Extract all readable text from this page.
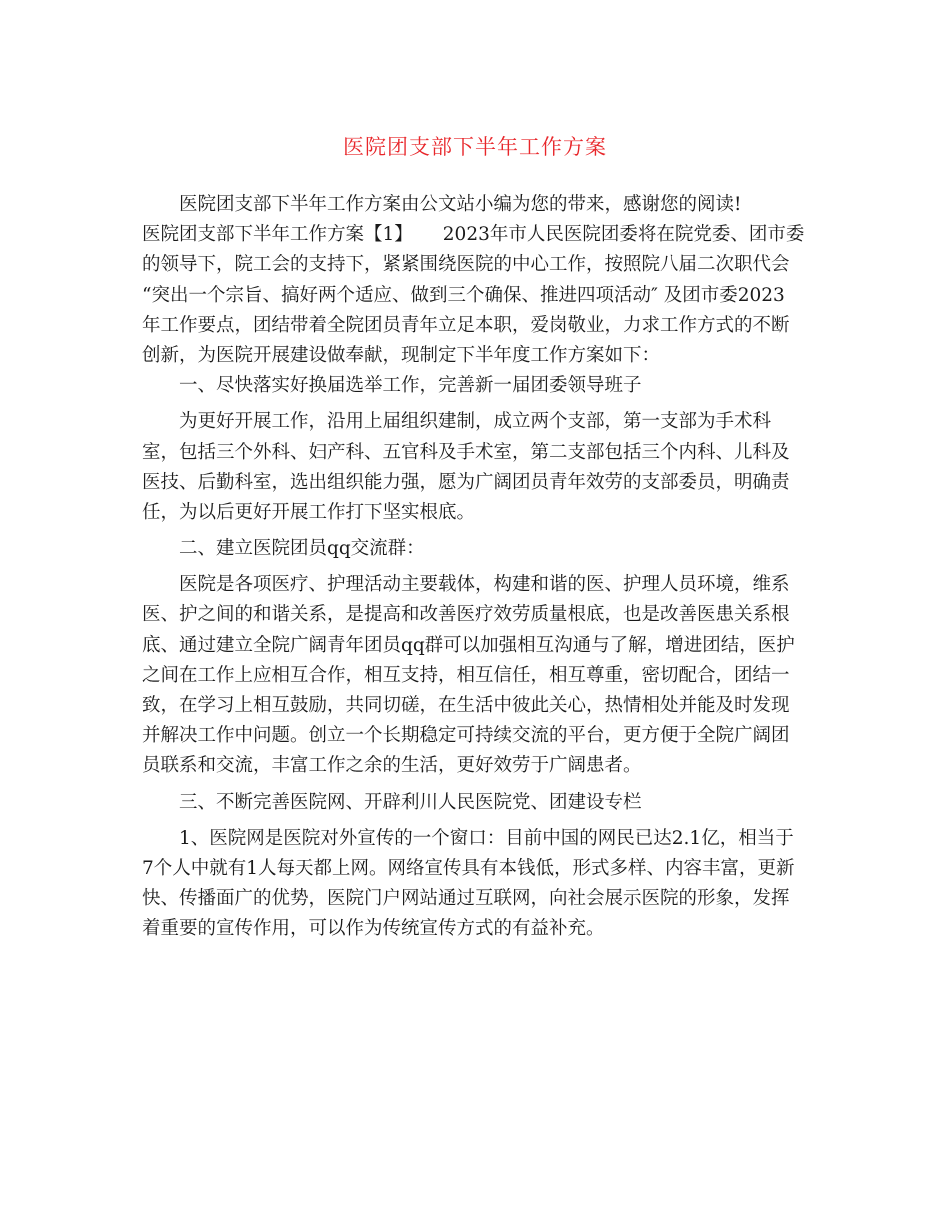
医院团支部下半年工作方案
医院团支部下半年工作方案由公文站小编为您的带来，感谢您的阅读!
医院团支部下半年工作方案【1】 2023年市人民医院团委将在院党委、团市委
的领导下，院工会的支持下，紧紧围绕医院的中心工作，按照院八届二次职代会
“突出一个宗旨、搞好两个适应、做到三个确保、推进四项活动″ 及团市委2023
年工作要点，团结带着全院团员青年立足本职，爱岗敬业，力求工作方式的不断
创新，为医院开展建设做奉献，现制定下半年度工作方案如下：
一、尽快落实好换届选举工作，完善新一届团委领导班子
为更好开展工作，沿用上届组织建制，成立两个支部，第一支部为手术科
室，包括三个外科、妇产科、五官科及手术室，第二支部包括三个内科、儿科及
医技、后勤科室，选出组织能力强，愿为广阔团员青年效劳的支部委员，明确责
任，为以后更好开展工作打下坚实根底。
二、建立医院团员qq交流群：
医院是各项医疗、护理活动主要载体，构建和谐的医、护理人员环境，维系
医、护之间的和谐关系，是提高和改善医疗效劳质量根底，也是改善医患关系根
底、通过建立全院广阔青年团员qq群可以加强相互沟通与了解，增进团结，医护
之间在工作上应相互合作，相互支持，相互信任，相互尊重，密切配合，团结一
致，在学习上相互鼓励，共同切磋，在生活中彼此关心，热情相处并能及时发现
并解决工作中问题。创立一个长期稳定可持续交流的平台，更方便于全院广阔团
员联系和交流，丰富工作之余的生活，更好效劳于广阔患者。
三、不断完善医院网、开辟利川人民医院党、团建设专栏
1、医院网是医院对外宣传的一个窗口：目前中国的网民已达2.1亿，相当于
7个人中就有1人每天都上网。网络宣传具有本钱低，形式多样、内容丰富，更新
快、传播面广的优势，医院门户网站通过互联网，向社会展示医院的形象，发挥
着重要的宣传作用，可以作为传统宣传方式的有益补充。
